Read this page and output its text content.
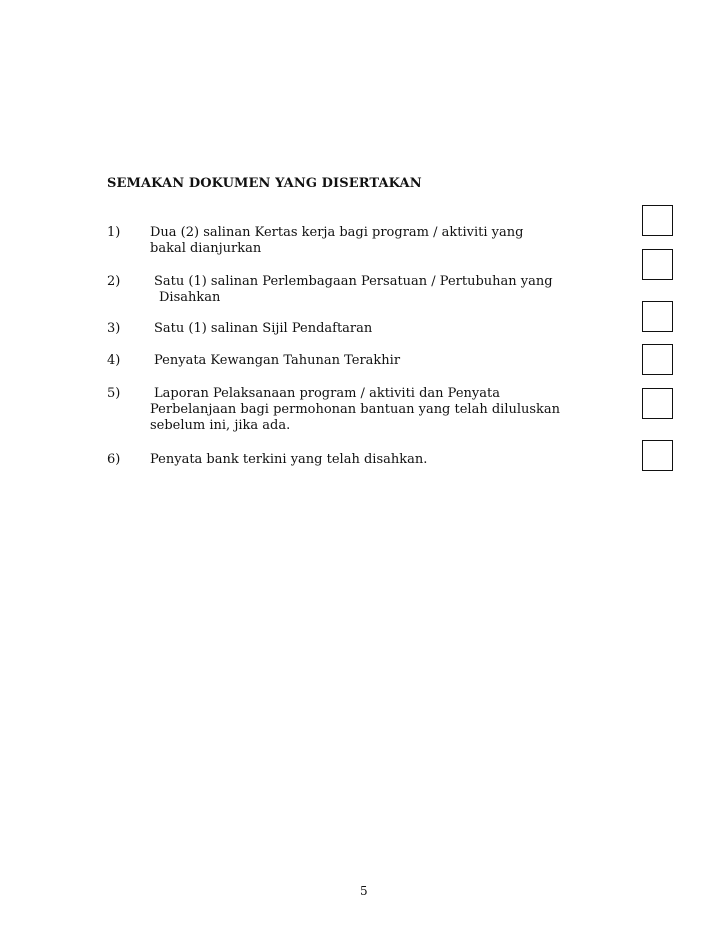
SEMAKAN DOKUMEN YANG DISERTAKAN
1) Dua (2) salinan Kertas kerja bagi program / aktiviti yang
bakal dianjurkan
2)	Satu (1) salinan Perlembagaan Persatuan / Pertubuhan yang
Disahkan
3)	Satu (1) salinan Sijil Pendaftaran
4)	Penyata Kewangan Tahunan Terakhir
5)	Laporan Pelaksanaan program / aktiviti dan Penyata
Perbelanjaan bagi permohonan bantuan yang telah diluluskan
sebelum ini, jika ada.
6) Penyata bank terkini yang telah disahkan.
5
